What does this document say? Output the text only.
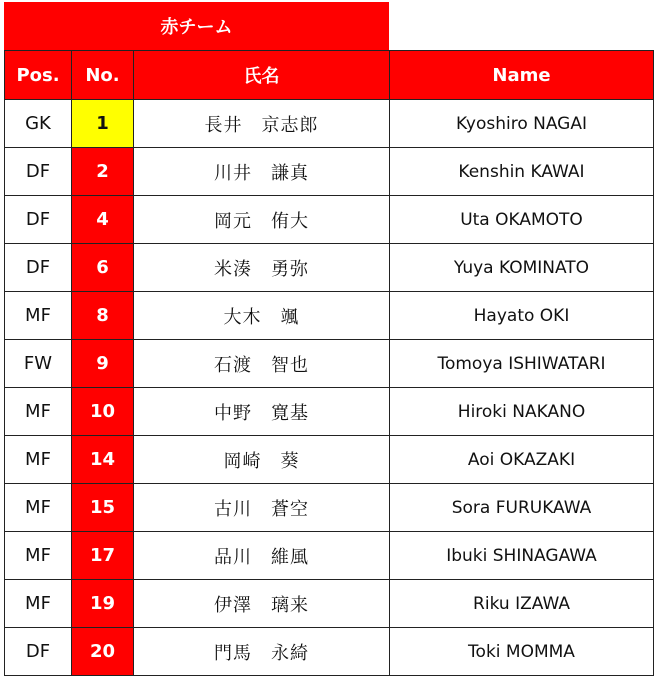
赤チーム
Pos.	No.	氏名	Name
GK	1	長井　京志郎	Kyoshiro NAGAI
DF	2	川井　謙真	Kenshin KAWAI
DF	4	岡元　侑大	Uta OKAMOTO
DF	6	米湊　勇弥	Yuya KOMINATO
MF	8	大木　颯	Hayato OKI
FW	9	石渡　智也	Tomoya ISHIWATARI
MF	10	中野　寛基	Hiroki NAKANO
MF	14	岡崎　葵	Aoi OKAZAKI
MF	15	古川　蒼空	Sora FURUKAWA
MF	17	品川　維風	Ibuki SHINAGAWA
MF	19	伊澤　璃来	Riku IZAWA
DF	20	門馬　永綺	Toki MOMMA
